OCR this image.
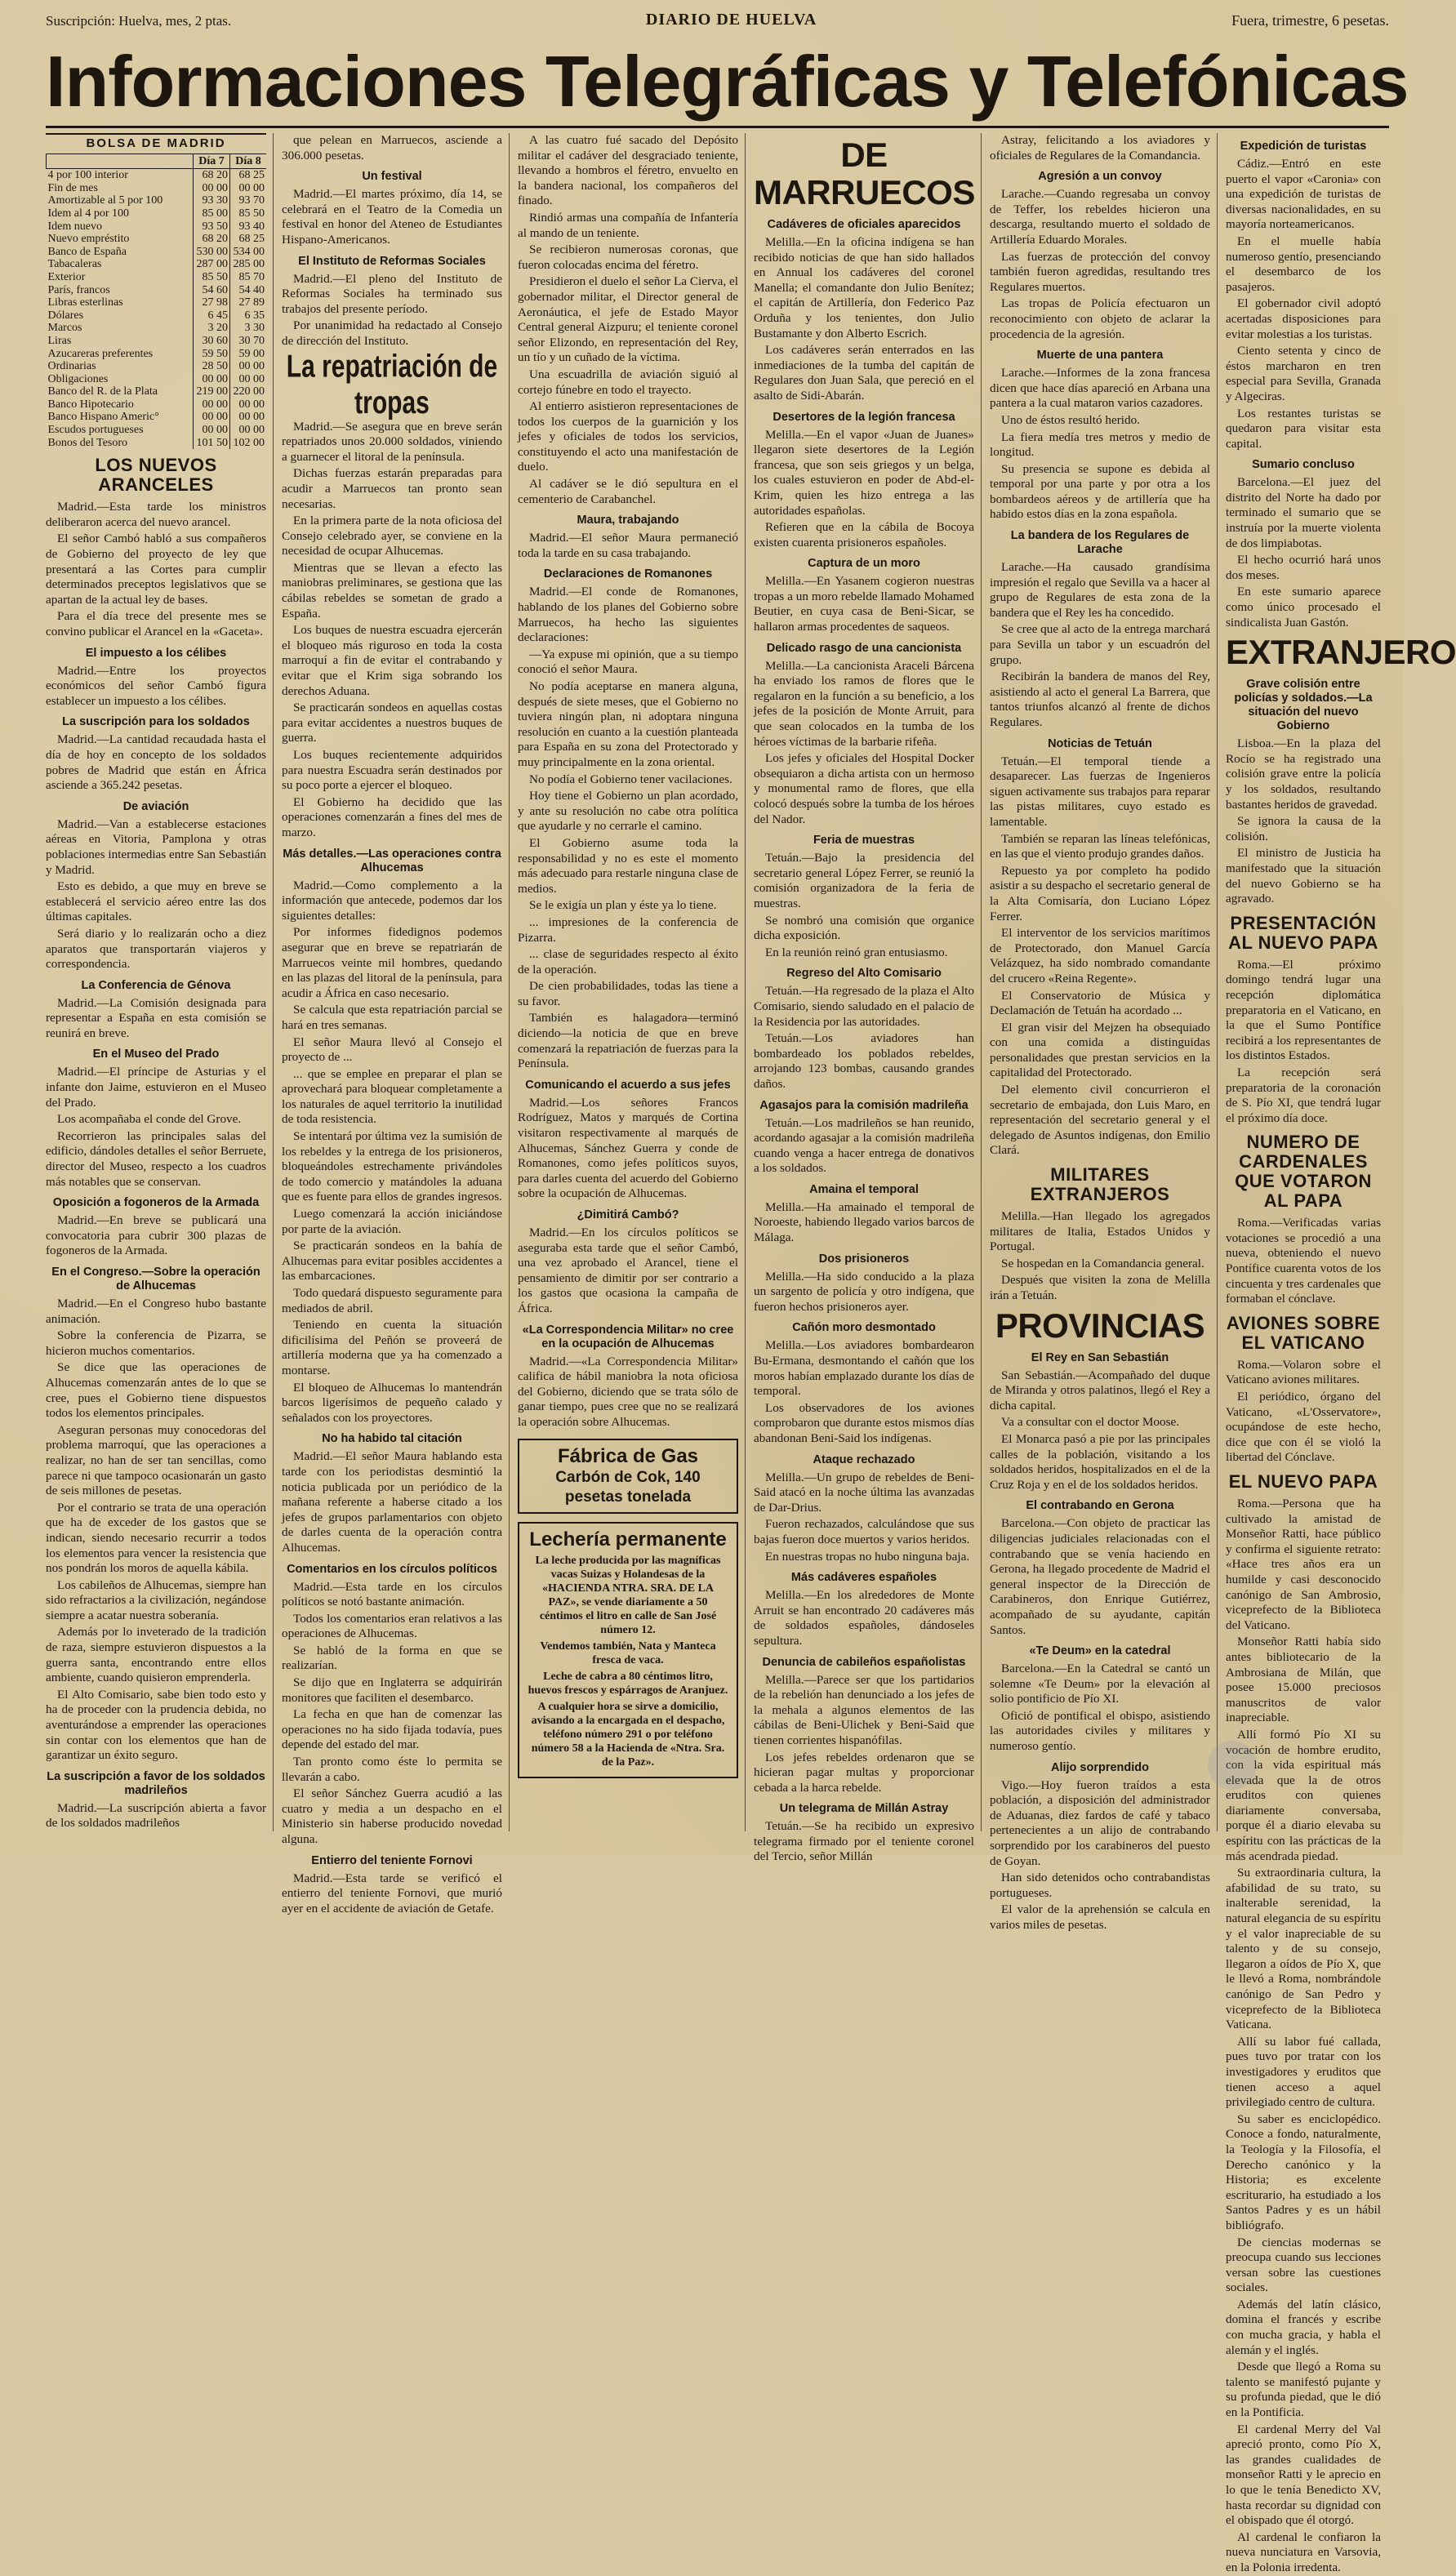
Suscripción: Huelva, mes, 2 ptas.	DIARIO DE HUELVA	Fuera, trimestre, 6 pesetas.
Informaciones Telegráficas y Telefónicas
BOLSA DE MADRID
	Día 7	Día 8
4 por 100 interior	68 20	68 25
Fin de mes	00 00	00 00
Amortizable al 5 por 100	93 30	93 70
Idem al 4 por 100	85 00	85 50
Idem nuevo	93 50	93 40
Nuevo empréstito	68 20	68 25
Banco de España	530 00	534 00
Tabacaleras	287 00	285 00
Exterior	85 50	85 70
París, francos	54 60	54 40
Libras esterlinas	27 98	27 89
Dólares	6 45	6 35
Marcos	3 20	3 30
Liras	30 60	30 70
Azucareras preferentes	59 50	59 00
Ordinarias	28 50	00 00
Obligaciones	00 00	00 00
Banco del R. de la Plata	219 00	220 00
Banco Hipotecario	00 00	00 00
Banco Hispano Americ°	00 00	00 00
Escudos portugueses	00 00	00 00
Bonos del Tesoro	101 50	102 00
LOS NUEVOS ARANCELES

Madrid.—Esta tarde los ministros deliberaron acerca del nuevo arancel.

El señor Cambó habló a sus compañeros de Gobierno del proyecto de ley que presentará a las Cortes para cumplir determinados preceptos legislativos que se apartan de la actual ley de bases.

Para el día trece del presente mes se convino publicar el Arancel en la «Gaceta».

El impuesto a los célibes

Madrid.—Entre los proyectos económicos del señor Cambó figura establecer un impuesto a los célibes.

La suscripción para los soldados

Madrid.—La cantidad recaudada hasta el día de hoy en concepto de los soldados pobres de Madrid que están en África asciende a 365.242 pesetas.

De aviación

Madrid.—Van a establecerse estaciones aéreas en Vitoria, Pamplona y otras poblaciones intermedias entre San Sebastián y Madrid.

Esto es debido, a que muy en breve se establecerá el servicio aéreo entre las dos últimas capitales.

Será diario y lo realizarán ocho a diez aparatos que transportarán viajeros y correspondencia.

La Conferencia de Génova

Madrid.—La Comisión designada para representar a España en esta comisión se reunirá en breve.

En el Museo del Prado

Madrid.—El príncipe de Asturias y el infante don Jaime, estuvieron en el Museo del Prado.

Los acompañaba el conde del Grove.

Recorrieron las principales salas del edificio, dándoles detalles el señor Berruete, director del Museo, respecto a los cuadros más notables que se conservan.

Oposición a fogoneros de la Armada

Madrid.—En breve se publicará una convocatoria para cubrir 300 plazas de fogoneros de la Armada.

En el Congreso.—Sobre la operación de Alhucemas

Madrid.—En el Congreso hubo bastante animación.

Sobre la conferencia de Pizarra, se hicieron muchos comentarios.

Se dice que las operaciones de Alhucemas comenzarán antes de lo que se cree, pues el Gobierno tiene dispuestos todos los elementos principales.

Aseguran personas muy conocedoras del problema marroquí, que las operaciones a realizar, no han de ser tan sencillas, como parece ni que tampoco ocasionarán un gasto de seis millones de pesetas.

Por el contrario se trata de una operación que ha de exceder de los gastos que se indican, siendo necesario recurrir a todos los elementos para vencer la resistencia que nos pondrán los moros de aquella kábila.

Los cabileños de Alhucemas, siempre han sido refractarios a la civilización, negándose siempre a acatar nuestra soberanía.

Además por lo inveterado de la tradición de raza, siempre estuvieron dispuestos a la guerra santa, encontrando entre ellos ambiente, cuando quisieron emprenderla.

El Alto Comisario, sabe bien todo esto y ha de proceder con la prudencia debida, no aventurándose a emprender las operaciones sin contar con los elementos que han de garantizar un éxito seguro.

La suscripción a favor de los soldados madrileños

Madrid.—La suscripción abierta a favor de los soldados madrileños

que pelean en Marruecos, asciende a 306.000 pesetas.

Un festival

Madrid.—El martes próximo, día 14, se celebrará en el Teatro de la Comedia un festival en honor del Ateneo de Estudiantes Hispano-Americanos.

El Instituto de Reformas Sociales

Madrid.—El pleno del Instituto de Reformas Sociales ha terminado sus trabajos del presente período.

Por unanimidad ha redactado al Consejo de dirección del Instituto.

La repatriación de tropas

Madrid.—Se asegura que en breve serán repatriados unos 20.000 soldados, viniendo a guarnecer el litoral de la península.

Dichas fuerzas estarán preparadas para acudir a Marruecos tan pronto sean necesarias.

En la primera parte de la nota oficiosa del Consejo celebrado ayer, se conviene en la necesidad de ocupar Alhucemas.

Mientras que se llevan a efecto las maniobras preliminares, se gestiona que las cábilas rebeldes se sometan de grado a España.

Los buques de nuestra escuadra ejercerán el bloqueo más riguroso en toda la costa marroquí a fin de evitar el contrabando y evitar que el Krim siga sobrando los derechos Aduana.

Se practicarán sondeos en aquellas costas para evitar accidentes a nuestros buques de guerra.

Los buques recientemente adquiridos para nuestra Escuadra serán destinados por su poco porte a ejercer el bloqueo.

El Gobierno ha decidido que las operaciones comenzarán a fines del mes de marzo.

Más detalles.—Las operaciones contra Alhucemas

Madrid.—Como complemento a la información que antecede, podemos dar los siguientes detalles:

Por informes fidedignos podemos asegurar que en breve se repatriarán de Marruecos veinte mil hombres, quedando en las plazas del litoral de la península, para acudir a África en caso necesario.

Se calcula que esta repatriación parcial se hará en tres semanas.

El señor Maura llevó al Consejo el proyecto de ...

... que se emplee en preparar el plan se aprovechará para bloquear completamente a los naturales de aquel territorio la inutilidad de toda resistencia.

Se intentará por última vez la sumisión de los rebeldes y la entrega de los prisioneros, bloqueándoles estrechamente privándoles de todo comercio y matándoles la aduana que es fuente para ellos de grandes ingresos.

Luego comenzará la acción iniciándose por parte de la aviación.

Se practicarán sondeos en la bahía de Alhucemas para evitar posibles accidentes a las embarcaciones.

Todo quedará dispuesto seguramente para mediados de abril.

Teniendo en cuenta la situación dificilísima del Peñón se proveerá de artillería moderna que ya ha comenzado a montarse.

El bloqueo de Alhucemas lo mantendrán barcos ligerísimos de pequeño calado y señalados con los proyectores.

No ha habido tal citación

Madrid.—El señor Maura hablando esta tarde con los periodistas desmintió la noticia publicada por un periódico de la mañana referente a haberse citado a los jefes de grupos parlamentarios con objeto de darles cuenta de la operación contra Alhucemas.

Comentarios en los círculos políticos

Madrid.—Esta tarde en los círculos políticos se notó bastante animación.

Todos los comentarios eran relativos a las operaciones de Alhucemas.

Se habló de la forma en que se realizarían.

Se dijo que en Inglaterra se adquirirán monitores que faciliten el desembarco.

La fecha en que han de comenzar las operaciones no ha sido fijada todavía, pues depende del estado del mar.

Tan pronto como éste lo permita se llevarán a cabo.

El señor Sánchez Guerra acudió a las cuatro y media a un despacho en el Ministerio sin haberse producido novedad alguna.

Entierro del teniente Fornovi

Madrid.—Esta tarde se verificó el entierro del teniente Fornovi, que murió ayer en el accidente de aviación de Getafe.

A las cuatro fué sacado del Depósito militar el cadáver del desgraciado teniente, llevando a hombros el féretro, envuelto en la bandera nacional, los compañeros del finado.

Rindió armas una compañía de Infantería al mando de un teniente.

Se recibieron numerosas coronas, que fueron colocadas encima del féretro.

Presidieron el duelo el señor La Cierva, el gobernador militar, el Director general de Aeronáutica, el jefe de Estado Mayor Central general Aizpuru; el teniente coronel señor Elizondo, en representación del Rey, un tío y un cuñado de la víctima.

Una escuadrilla de aviación siguió al cortejo fúnebre en todo el trayecto.

Al entierro asistieron representaciones de todos los cuerpos de la guarnición y los jefes y oficiales de todos los servicios, constituyendo el acto una manifestación de duelo.

Al cadáver se le dió sepultura en el cementerio de Carabanchel.

Maura, trabajando

Madrid.—El señor Maura permaneció toda la tarde en su casa trabajando.

Declaraciones de Romanones

Madrid.—El conde de Romanones, hablando de los planes del Gobierno sobre Marruecos, ha hecho las siguientes declaraciones:

—Ya expuse mi opinión, que a su tiempo conoció el señor Maura.

No podía aceptarse en manera alguna, después de siete meses, que el Gobierno no tuviera ningún plan, ni adoptara ninguna resolución en cuanto a la cuestión planteada para España en su zona del Protectorado y muy principalmente en la zona oriental.

No podía el Gobierno tener vacilaciones.

Hoy tiene el Gobierno un plan acordado, y ante su resolución no cabe otra política que ayudarle y no cerrarle el camino.

El Gobierno asume toda la responsabilidad y no es este el momento más adecuado para restarle ninguna clase de medios.

Se le exigía un plan y éste ya lo tiene.

... impresiones de la conferencia de Pizarra.

... clase de seguridades respecto al éxito de la operación.

De cien probabilidades, todas las tiene a su favor.

También es halagadora—terminó diciendo—la noticia de que en breve comenzará la repatriación de fuerzas para la Península.

Comunicando el acuerdo a sus jefes

Madrid.—Los señores Francos Rodríguez, Matos y marqués de Cortina visitaron respectivamente al marqués de Alhucemas, Sánchez Guerra y conde de Romanones, como jefes políticos suyos, para darles cuenta del acuerdo del Gobierno sobre la ocupación de Alhucemas.

¿Dimitirá Cambó?

Madrid.—En los círculos políticos se aseguraba esta tarde que el señor Cambó, una vez aprobado el Arancel, tiene el pensamiento de dimitir por ser contrario a los gastos que ocasiona la campaña de África.

«La Correspondencia Militar» no cree en la ocupación de Alhucemas

Madrid.—«La Correspondencia Militar» califica de hábil maniobra la nota oficiosa del Gobierno, diciendo que se trata sólo de ganar tiempo, pues cree que no se realizará la operación sobre Alhucemas.

Fábrica de Gas
Carbón de Cok, 140 pesetas tonelada
Lechería permanente

La leche producida por las magníficas vacas Suizas y Holandesas de la «HACIENDA NTRA. SRA. DE LA PAZ», se vende diariamente a 50 céntimos el litro en calle de San José número 12.

Vendemos también, Nata y Manteca fresca de vaca.

Leche de cabra a 80 céntimos litro, huevos frescos y espárragos de Aranjuez.

A cualquier hora se sirve a domicilio, avisando a la encargada en el despacho, teléfono número 291 o por teléfono número 58 a la Hacienda de «Ntra. Sra. de la Paz».

DE MARRUECOS
Cadáveres de oficiales aparecidos

Melilla.—En la oficina indígena se han recibido noticias de que han sido hallados en Annual los cadáveres del coronel Manella; el comandante don Julio Benítez; el capitán de Artillería, don Federico Paz Orduña y los tenientes, don Julio Bustamante y don Alberto Escrich.

Los cadáveres serán enterrados en las inmediaciones de la tumba del capitán de Regulares don Juan Sala, que pereció en el asalto de Sidi-Abarán.

Desertores de la legión francesa

Melilla.—En el vapor «Juan de Juanes» llegaron siete desertores de la Legión francesa, que son seis griegos y un belga, los cuales estuvieron en poder de Abd-el-Krim, quien les hizo entrega a las autoridades españolas.

Refieren que en la cábila de Bocoya existen cuarenta prisioneros españoles.

Captura de un moro

Melilla.—En Yasanem cogieron nuestras tropas a un moro rebelde llamado Mohamed Beutier, en cuya casa de Beni-Sicar, se hallaron armas procedentes de saqueos.

Delicado rasgo de una cancionista

Melilla.—La cancionista Araceli Bárcena ha enviado los ramos de flores que le regalaron en la función a su beneficio, a los jefes de la posición de Monte Arruit, para que sean colocados en la tumba de los héroes víctimas de la barbarie rifeña.

Los jefes y oficiales del Hospital Docker obsequiaron a dicha artista con un hermoso y monumental ramo de flores, que ella colocó después sobre la tumba de los héroes del Nador.

Feria de muestras

Tetuán.—Bajo la presidencia del secretario general López Ferrer, se reunió la comisión organizadora de la feria de muestras.

Se nombró una comisión que organice dicha exposición.

En la reunión reinó gran entusiasmo.

Regreso del Alto Comisario

Tetuán.—Ha regresado de la plaza el Alto Comisario, siendo saludado en el palacio de la Residencia por las autoridades.

Tetuán.—Los aviadores han bombardeado los poblados rebeldes, arrojando 123 bombas, causando grandes daños.

Agasajos para la comisión madrileña

Tetuán.—Los madrileños se han reunido, acordando agasajar a la comisión madrileña cuando venga a hacer entrega de donativos a los soldados.

Amaina el temporal

Melilla.—Ha amainado el temporal de Noroeste, habiendo llegado varios barcos de Málaga.

Dos prisioneros

Melilla.—Ha sido conducido a la plaza un sargento de policía y otro indígena, que fueron hechos prisioneros ayer.

Cañón moro desmontado

Melilla.—Los aviadores bombardearon Bu-Ermana, desmontando el cañón que los moros habían emplazado durante los días de temporal.

Los observadores de los aviones comprobaron que durante estos mismos días abandonan Beni-Said los indígenas.

Ataque rechazado

Melilla.—Un grupo de rebeldes de Beni-Said atacó en la noche última las avanzadas de Dar-Drius.

Fueron rechazados, calculándose que sus bajas fueron doce muertos y varios heridos.

En nuestras tropas no hubo ninguna baja.

Más cadáveres españoles

Melilla.—En los alrededores de Monte Arruit se han encontrado 20 cadáveres más de soldados españoles, dándoseles sepultura.

Denuncia de cabileños españolistas

Melilla.—Parece ser que los partidarios de la rebelión han denunciado a los jefes de la mehala a algunos elementos de las cábilas de Beni-Ulichek y Beni-Said que tienen corrientes hispanófilas.

Los jefes rebeldes ordenaron que se hicieran pagar multas y proporcionar cebada a la harca rebelde.

Un telegrama de Millán Astray

Tetuán.—Se ha recibido un expresivo telegrama firmado por el teniente coronel del Tercio, señor Millán

Astray, felicitando a los aviadores y oficiales de Regulares de la Comandancia.

Agresión a un convoy

Larache.—Cuando regresaba un convoy de Teffer, los rebeldes hicieron una descarga, resultando muerto el soldado de Artillería Eduardo Morales.

Las fuerzas de protección del convoy también fueron agredidas, resultando tres Regulares muertos.

Las tropas de Policía efectuaron un reconocimiento con objeto de aclarar la procedencia de la agresión.

Muerte de una pantera

Larache.—Informes de la zona francesa dicen que hace días apareció en Arbana una pantera a la cual mataron varios cazadores.

Uno de éstos resultó herido.

La fiera medía tres metros y medio de longitud.

Su presencia se supone es debida al temporal por una parte y por otra a los bombardeos aéreos y de artillería que ha habido estos días en la zona española.

La bandera de los Regulares de Larache

Larache.—Ha causado grandísima impresión el regalo que Sevilla va a hacer al grupo de Regulares de esta zona de la bandera que el Rey les ha concedido.

Se cree que al acto de la entrega marchará para Sevilla un tabor y un escuadrón del grupo.

Recibirán la bandera de manos del Rey, asistiendo al acto el general La Barrera, que tantos triunfos alcanzó al frente de dichos Regulares.

Noticias de Tetuán

Tetuán.—El temporal tiende a desaparecer. Las fuerzas de Ingenieros siguen activamente sus trabajos para reparar las pistas militares, cuyo estado es lamentable.

También se reparan las líneas telefónicas, en las que el viento produjo grandes daños.

Repuesto ya por completo ha podido asistir a su despacho el secretario general de la Alta Comisaría, don Luciano López Ferrer.

El interventor de los servicios marítimos de Protectorado, don Manuel García Velázquez, ha sido nombrado comandante del crucero «Reina Regente».

El Conservatorio de Música y Declamación de Tetuán ha acordado ...

El gran visir del Mejzen ha obsequiado con una comida a distinguidas personalidades que prestan servicios en la capitalidad del Protectorado.

Del elemento civil concurrieron el secretario de embajada, don Luis Maro, en representación del secretario general y el delegado de Asuntos indígenas, don Emilio Clará.

MILITARES EXTRANJEROS

Melilla.—Han llegado los agregados militares de Italia, Estados Unidos y Portugal.

Se hospedan en la Comandancia general.

Después que visiten la zona de Melilla irán a Tetuán.

PROVINCIAS
El Rey en San Sebastián

San Sebastián.—Acompañado del duque de Miranda y otros palatinos, llegó el Rey a dicha capital.

Va a consultar con el doctor Moose.

El Monarca pasó a pie por las principales calles de la población, visitando a los soldados heridos, hospitalizados en el de la Cruz Roja y en el de los soldados heridos.

El contrabando en Gerona

Barcelona.—Con objeto de practicar las diligencias judiciales relacionadas con el contrabando que se venía haciendo en Gerona, ha llegado procedente de Madrid el general inspector de la Dirección de Carabineros, don Enrique Gutiérrez, acompañado de su ayudante, capitán Santos.

«Te Deum» en la catedral

Barcelona.—En la Catedral se cantó un solemne «Te Deum» por la elevación al solio pontificio de Pío XI.

Ofició de pontifical el obispo, asistiendo las autoridades civiles y militares y numeroso gentío.

Alijo sorprendido

Vigo.—Hoy fueron traídos a esta población, a disposición del administrador de Aduanas, diez fardos de café y tabaco pertenecientes a un alijo de contrabando sorprendido por los carabineros del puesto de Goyan.

Han sido detenidos ocho contrabandistas portugueses.

El valor de la aprehensión se calcula en varios miles de pesetas.

Expedición de turistas

Cádiz.—Entró en este puerto el vapor «Caronia» con una expedición de turistas de diversas nacionalidades, en su mayoría norteamericanos.

En el muelle había numeroso gentío, presenciando el desembarco de los pasajeros.

El gobernador civil adoptó acertadas disposiciones para evitar molestias a los turistas.

Ciento setenta y cinco de éstos marcharon en tren especial para Sevilla, Granada y Algeciras.

Los restantes turistas se quedaron para visitar esta capital.

Sumario concluso

Barcelona.—El juez del distrito del Norte ha dado por terminado el sumario que se instruía por la muerte violenta de dos limpiabotas.

El hecho ocurrió hará unos dos meses.

En este sumario aparece como único procesado el sindicalista Juan Gastón.

EXTRANJERO
Grave colisión entre policías y soldados.—La situación del nuevo Gobierno

Lisboa.—En la plaza del Rocío se ha registrado una colisión grave entre la policía y los soldados, resultando bastantes heridos de gravedad.

Se ignora la causa de la colisión.

El ministro de Justicia ha manifestado que la situación del nuevo Gobierno se ha agravado.

PRESENTACIÓN AL NUEVO PAPA

Roma.—El próximo domingo tendrá lugar una recepción diplomática preparatoria en el Vaticano, en la que el Sumo Pontífice recibirá a los representantes de los distintos Estados.

La recepción será preparatoria de la coronación de S. Pío XI, que tendrá lugar el próximo día doce.

NUMERO DE CARDENALES QUE VOTARON AL PAPA

Roma.—Verificadas varias votaciones se procedió a una nueva, obteniendo el nuevo Pontífice cuarenta votos de los cincuenta y tres cardenales que formaban el cónclave.

AVIONES SOBRE EL VATICANO

Roma.—Volaron sobre el Vaticano aviones militares.

El periódico, órgano del Vaticano, «L'Osservatore», ocupándose de este hecho, dice que con él se violó la libertad del Cónclave.

EL NUEVO PAPA

Roma.—Persona que ha cultivado la amistad de Monseñor Ratti, hace público y confirma el siguiente retrato: «Hace tres años era un humilde y casi desconocido canónigo de San Ambrosio, viceprefecto de la Biblioteca del Vaticano.

Monseñor Ratti había sido antes bibliotecario de la Ambrosiana de Milán, que posee 15.000 preciosos manuscritos de valor inapreciable.

Allí formó Pío XI su vocación de hombre erudito, con la vida espiritual más elevada que la de otros eruditos con quienes diariamente conversaba, porque él a diario elevaba su espíritu con las prácticas de la más acendrada piedad.

Su extraordinaria cultura, la afabilidad de su trato, su inalterable serenidad, la natural elegancia de su espíritu y el valor inapreciable de su talento y de su consejo, llegaron a oídos de Pío X, que le llevó a Roma, nombrándole canónigo de San Pedro y viceprefecto de la Biblioteca Vaticana.

Allí su labor fué callada, pues tuvo por tratar con los investigadores y eruditos que tienen acceso a aquel privilegiado centro de cultura.

Su saber es enciclopédico. Conoce a fondo, naturalmente, la Teología y la Filosofía, el Derecho canónico y la Historia; es excelente escriturario, ha estudiado a los Santos Padres y es un hábil bibliógrafo.

De ciencias modernas se preocupa cuando sus lecciones versan sobre las cuestiones sociales.

Además del latín clásico, domina el francés y escribe con mucha gracia, y habla el alemán y el inglés.

Desde que llegó a Roma su talento se manifestó pujante y su profunda piedad, que le dió en la Pontificia.

El cardenal Merry del Val apreció pronto, como Pío X, las grandes cualidades de monseñor Ratti y le aprecio en lo que le tenía Benedicto XV, hasta recordar su dignidad con el obispado que él otorgó.

Al cardenal le confiaron la nueva nunciatura en Varsovia, en la Polonia irredenta.
